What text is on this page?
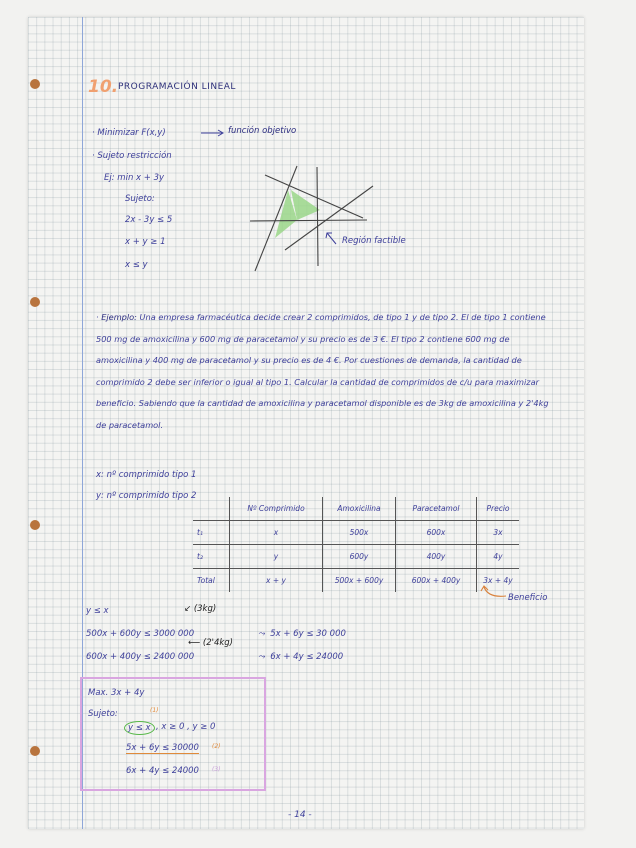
10. PROGRAMACIÓN LINEAL
· Minimizar F(x,y)	función objetivo
· Sujeto restricción
Ej: min x + 3y
Sujeto:
2x - 3y ≤ 5
x + y ≥ 1
x ≤ y
Región factible
· Ejemplo: Una empresa farmacéutica decide crear 2 comprimidos, de tipo 1 y de tipo 2. El de tipo 1 contiene 500 mg de amoxicilina y 600 mg de paracetamol y su precio es de 3 €. El tipo 2 contiene 600 mg de amoxicilina y 400 mg de paracetamol y su precio es de 4 €. Por cuestiones de demanda, la cantidad de comprimido 2 debe ser inferior o igual al tipo 1. Calcular la cantidad de comprimidos de c/u para maximizar beneficio. Sabiendo que la cantidad de amoxicilina y paracetamol disponible es de 3kg de amoxicilina y 2'4kg de paracetamol.
x: nº comprimido tipo 1
y: nº comprimido tipo 2
	Nº Comprimido	Amoxicilina	Paracetamol	Precio
t₁	x	500x	600x	3x
t₂	y	600y	400y	4y
Total	x + y	500x + 600y	600x + 400y	3x + 4y
Beneficio
y ≤ x	↙ (3kg)
500x + 600y ≤ 3000 000
⟵ (2'4kg)
600x + 400y ≤ 2400 000
⤳  5x + 6y ≤ 30 000
⤳  6x + 4y ≤ 24000
Max. 3x + 4y
Sujeto:
y ≤ x
(1)
, x ≥ 0 , y ≥ 0
5x + 6y ≤ 30000 (2)
6x + 4y ≤ 24000 (3)
- 14 -
